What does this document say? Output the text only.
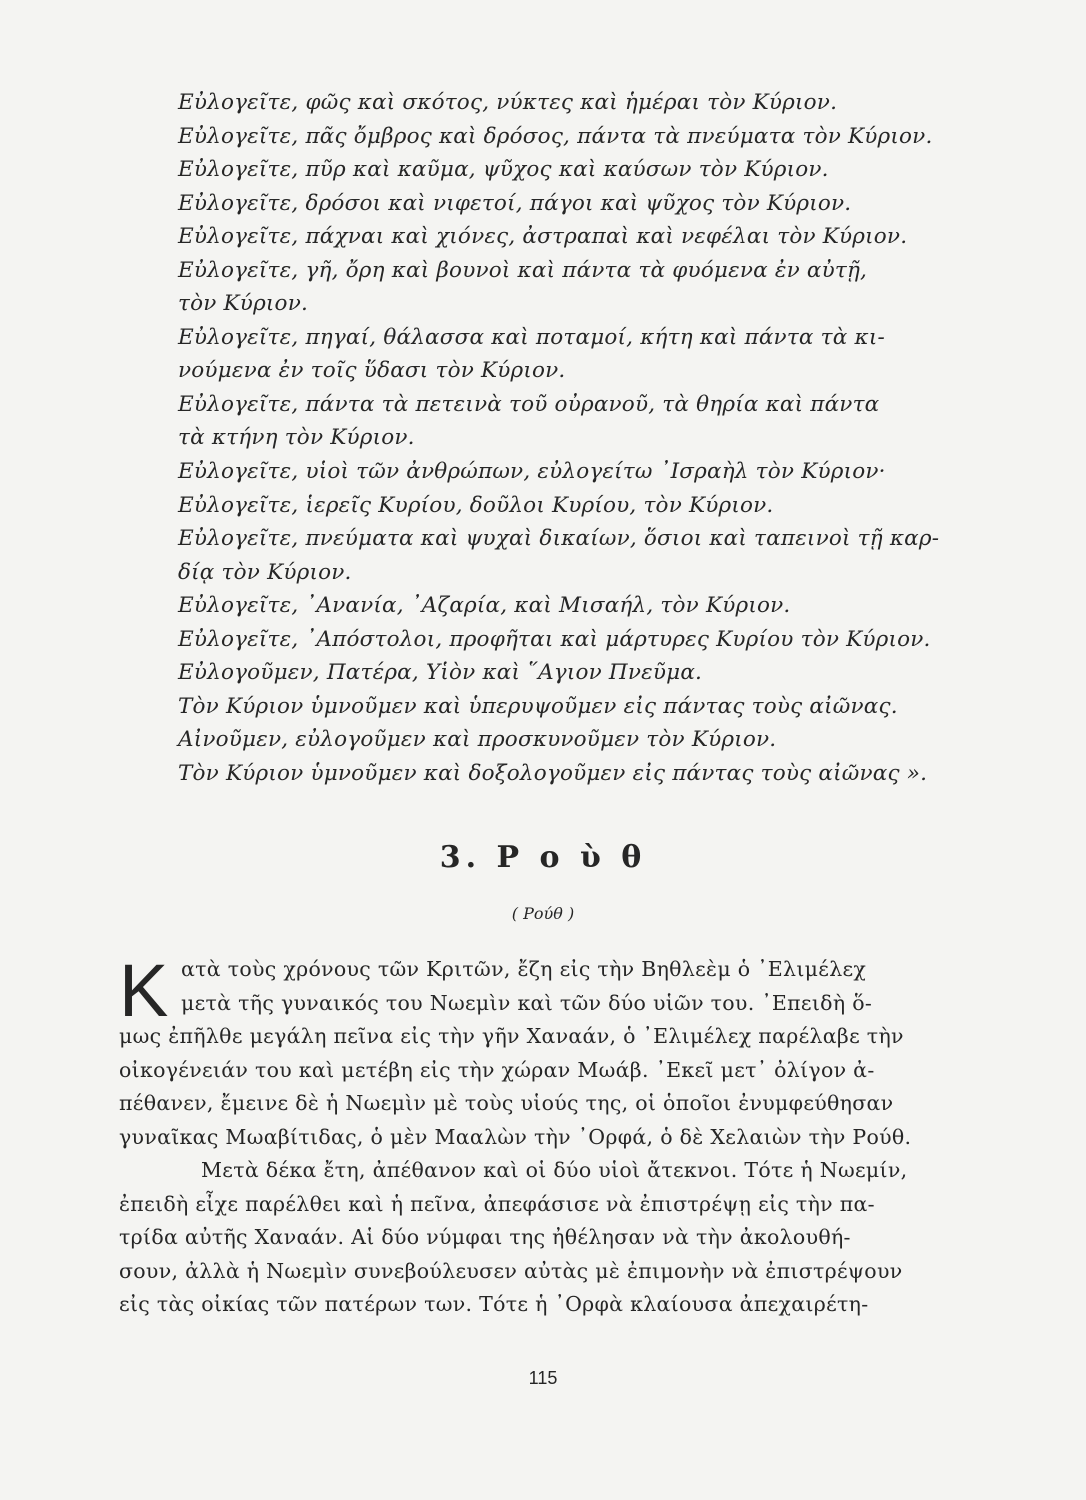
Εὐλογεῖτε, φῶς καὶ σκότος, νύκτες καὶ ἡμέραι τὸν Κύριον.
Εὐλογεῖτε, πᾶς ὄμβρος καὶ δρόσος, πάντα τὰ πνεύματα τὸν Κύριον.
Εὐλογεῖτε, πῦρ καὶ καῦμα, ψῦχος καὶ καύσων τὸν Κύριον.
Εὐλογεῖτε, δρόσοι καὶ νιφετοί, πάγοι καὶ ψῦχος τὸν Κύριον.
Εὐλογεῖτε, πάχναι καὶ χιόνες, ἀστραπαὶ καὶ νεφέλαι τὸν Κύριον.
Εὐλογεῖτε, γῆ, ὄρη καὶ βουνοὶ καὶ πάντα τὰ φυόμενα ἐν αὐτῇ,
τὸν Κύριον.
Εὐλογεῖτε, πηγαί, θάλασσα καὶ ποταμοί, κήτη καὶ πάντα τὰ κι-
νούμενα ἐν τοῖς ὕδασι τὸν Κύριον.
Εὐλογεῖτε, πάντα τὰ πετεινὰ τοῦ οὐρανοῦ, τὰ θηρία καὶ πάντα
τὰ κτήνη τὸν Κύριον.
Εὐλογεῖτε, υἱοὶ τῶν ἀνθρώπων, εὐλογείτω ᾽Ισραὴλ τὸν Κύριον·
Εὐλογεῖτε, ἱερεῖς Κυρίου, δοῦλοι Κυρίου, τὸν Κύριον.
Εὐλογεῖτε, πνεύματα καὶ ψυχαὶ δικαίων, ὅσιοι καὶ ταπεινοὶ τῇ καρ-
δίᾳ τὸν Κύριον.
Εὐλογεῖτε, ᾽Ανανία, ᾽Αζαρία, καὶ Μισαήλ, τὸν Κύριον.
Εὐλογεῖτε, ᾽Απόστολοι, προφῆται καὶ μάρτυρες Κυρίου τὸν Κύριον.
Εὐλογοῦμεν, Πατέρα, Υἱὸν καὶ ῞Αγιον Πνεῦμα.
Τὸν Κύριον ὑμνοῦμεν καὶ ὑπερυψοῦμεν εἰς πάντας τοὺς αἰῶνας.
Αἰνοῦμεν, εὐλογοῦμεν καὶ προσκυνοῦμεν τὸν Κύριον.
Τὸν Κύριον ὑμνοῦμεν καὶ δοξολογοῦμεν εἰς πάντας τοὺς αἰῶνας ».
3. Ρ ο ὺ θ
( Ρούθ )
Κ ατὰ τοὺς χρόνους τῶν Κριτῶν, ἔζη εἰς τὴν Βηθλεὲμ ὁ ᾽Ελιμέλεχ
μετὰ τῆς γυναικός του Νωεμὶν καὶ τῶν δύο υἱῶν του. ᾽Επειδὴ ὅ-
μως ἐπῆλθε μεγάλη πεῖνα εἰς τὴν γῆν Χαναάν, ὁ ᾽Ελιμέλεχ παρέλαβε τὴν
οἰκογένειάν του καὶ μετέβη εἰς τὴν χώραν Μωάβ. ᾽Εκεῖ μετ᾽ ὀλίγον ἀ-
πέθανεν, ἔμεινε δὲ ἡ Νωεμὶν μὲ τοὺς υἱούς της, οἱ ὁποῖοι ἐνυμφεύθησαν
γυναῖκας Μωαβίτιδας, ὁ μὲν Μααλὼν τὴν ᾽Ορφά, ὁ δὲ Χελαιὼν τὴν Ρούθ.
Μετὰ δέκα ἔτη, ἀπέθανον καὶ οἱ δύο υἱοὶ ἄτεκνοι. Τότε ἡ Νωεμίν,
ἐπειδὴ εἶχε παρέλθει καὶ ἡ πεῖνα, ἀπεφάσισε νὰ ἐπιστρέψῃ εἰς τὴν πα-
τρίδα αὐτῆς Χαναάν. Αἱ δύο νύμφαι της ἠθέλησαν νὰ τὴν ἀκολουθή-
σουν, ἀλλὰ ἡ Νωεμὶν συνεβούλευσεν αὐτὰς μὲ ἐπιμονὴν νὰ ἐπιστρέψουν
εἰς τὰς οἰκίας τῶν πατέρων των. Τότε ἡ ᾽Ορφὰ κλαίουσα ἀπεχαιρέτη-
115
